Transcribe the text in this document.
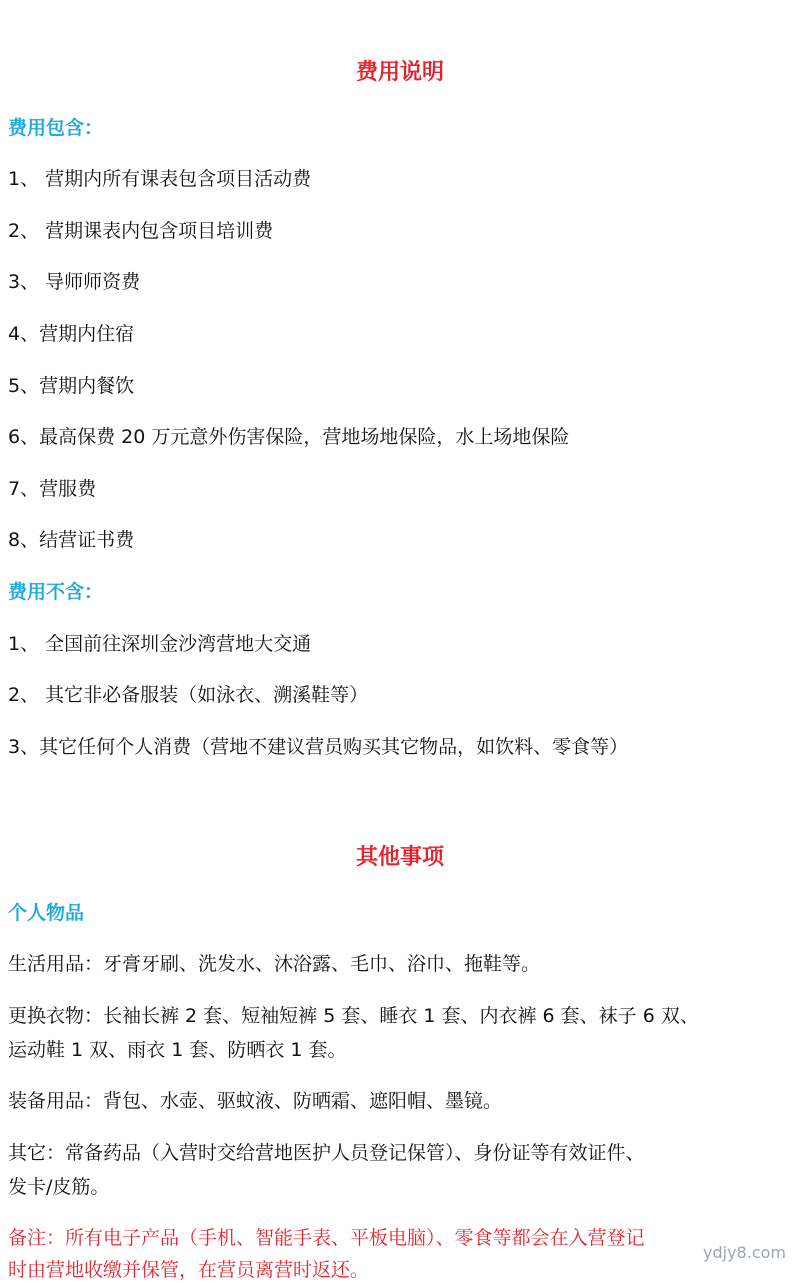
费用说明
费用包含：
1、 营期内所有课表包含项目活动费
2、 营期课表内包含项目培训费
3、 导师师资费
4、营期内住宿
5、营期内餐饮
6、最高保费 20 万元意外伤害保险，营地场地保险，水上场地保险
7、营服费
8、结营证书费
费用不含：
1、 全国前往深圳金沙湾营地大交通
2、 其它非必备服装（如泳衣、溯溪鞋等）
3、其它任何个人消费（营地不建议营员购买其它物品，如饮料、零食等）
其他事项
个人物品
生活用品：牙膏牙刷、洗发水、沐浴露、毛巾、浴巾、拖鞋等。
更换衣物：长袖长裤 2 套、短袖短裤 5 套、睡衣 1 套、内衣裤 6 套、袜子 6 双、
运动鞋 1 双、雨衣 1 套、防晒衣 1 套。
装备用品：背包、水壶、驱蚊液、防晒霜、遮阳帽、墨镜。
其它：常备药品（入营时交给营地医护人员登记保管）、身份证等有效证件、
发卡/皮筋。
备注：所有电子产品（手机、智能手表、平板电脑）、零食等都会在入营登记
时由营地收缴并保管，在营员离营时返还。
ydjy8.com
